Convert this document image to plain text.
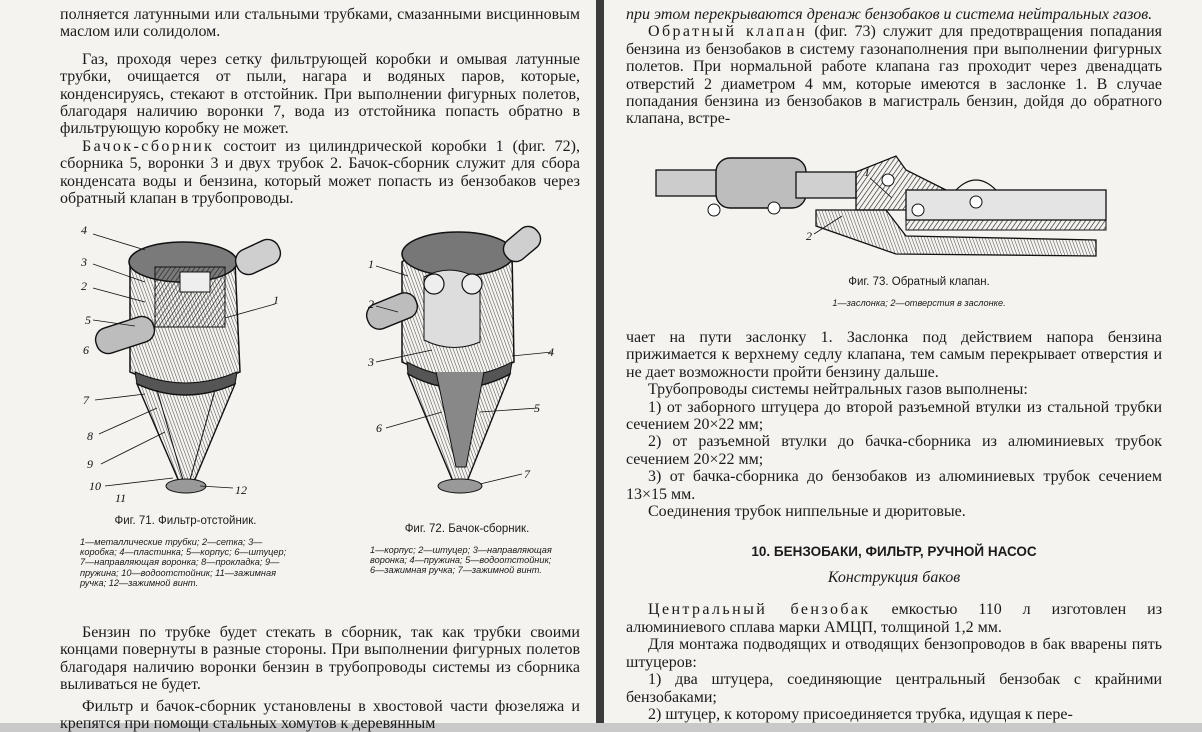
полняется латунными или стальными трубками, смазанными висцинновым маслом или солидолом.

Газ, проходя через сетку фильтрующей коробки и омывая латунные трубки, очищается от пыли, нагара и водяных паров, которые, конденсируясь, стекают в отстойник. При выполнении фигурных полетов, благодаря наличию воронки 7, вода из отстойника попасть обратно в фильтрующую коробку не может.

Бачок-сборник состоит из цилиндрической коробки 1 (фиг. 72), сборника 5, воронки 3 и двух трубок 2. Бачок-сборник служит для сбора конденсата воды и бензина, который может попасть из бензобаков через обратный клапан в трубопроводы.

4
3
2
5
6
7
8
9
10
11
1
12
Фиг. 71. Фильтр-отстойник.
1—металлические трубки; 2—сетка; 3—коробка; 4—пластинка; 5—корпус; 6—штуцер; 7—направляющая воронка; 8—прокладка; 9—пружина; 10—водоотстойник; 11—зажимная ручка; 12—зажимной винт.
1
2
3
4
5
6
7
Фиг. 72. Бачок-сборник.
1—корпус; 2—штуцер; 3—направляющая воронка; 4—пружина; 5—водоотстойник; 6—зажимная ручка; 7—зажимной винт.

Бензин по трубке будет стекать в сборник, так как трубки своими концами повернуты в разные стороны. При выполнении фигурных полетов благодаря наличию воронки бензин в трубопроводы системы из сборника выливаться не будет.

Фильтр и бачок-сборник установлены в хвостовой части фюзеляжа и крепятся при помощи стальных хомутов к деревянным

при этом перекрываются дренаж бензобаков и система нейтральных газов.

Обратный клапан (фиг. 73) служит для предотвращения попадания бензина из бензобаков в систему газонаполнения при выполнении фигурных полетов. При нормальной работе клапана газ проходит через двенадцать отверстий 2 диаметром 4 мм, которые имеются в заслонке 1. В случае попадания бензина из бензобаков в магистраль бензин, дойдя до обратного клапана, встре-

1
2
Фиг. 73. Обратный клапан.
1—заслонка; 2—отверстия в заслонке.

чает на пути заслонку 1. Заслонка под действием напора бензина прижимается к верхнему седлу клапана, тем самым перекрывает отверстия и не дает возможности пройти бензину дальше.

Трубопроводы системы нейтральных газов выполнены:

1) от заборного штуцера до второй разъемной втулки из стальной трубки сечением 20×22 мм;

2) от разъемной втулки до бачка-сборника из алюминиевых трубок сечением 20×22 мм;

3) от бачка-сборника до бензобаков из алюминиевых трубок сечением 13×15 мм.

Соединения трубок ниппельные и дюритовые.

10. БЕНЗОБАКИ, ФИЛЬТР, РУЧНОЙ НАСОС
Конструкция баков

Центральный бензобак емкостью 110 л изготовлен из алюминиевого сплава марки АМЦП, толщиной 1,2 мм.

Для монтажа подводящих и отводящих бензопроводов в бак вварены пять штуцеров:

1) два штуцера, соединяющие центральный бензобак с крайними бензобаками;

2) штуцер, к которому присоединяется трубка, идущая к пере-
